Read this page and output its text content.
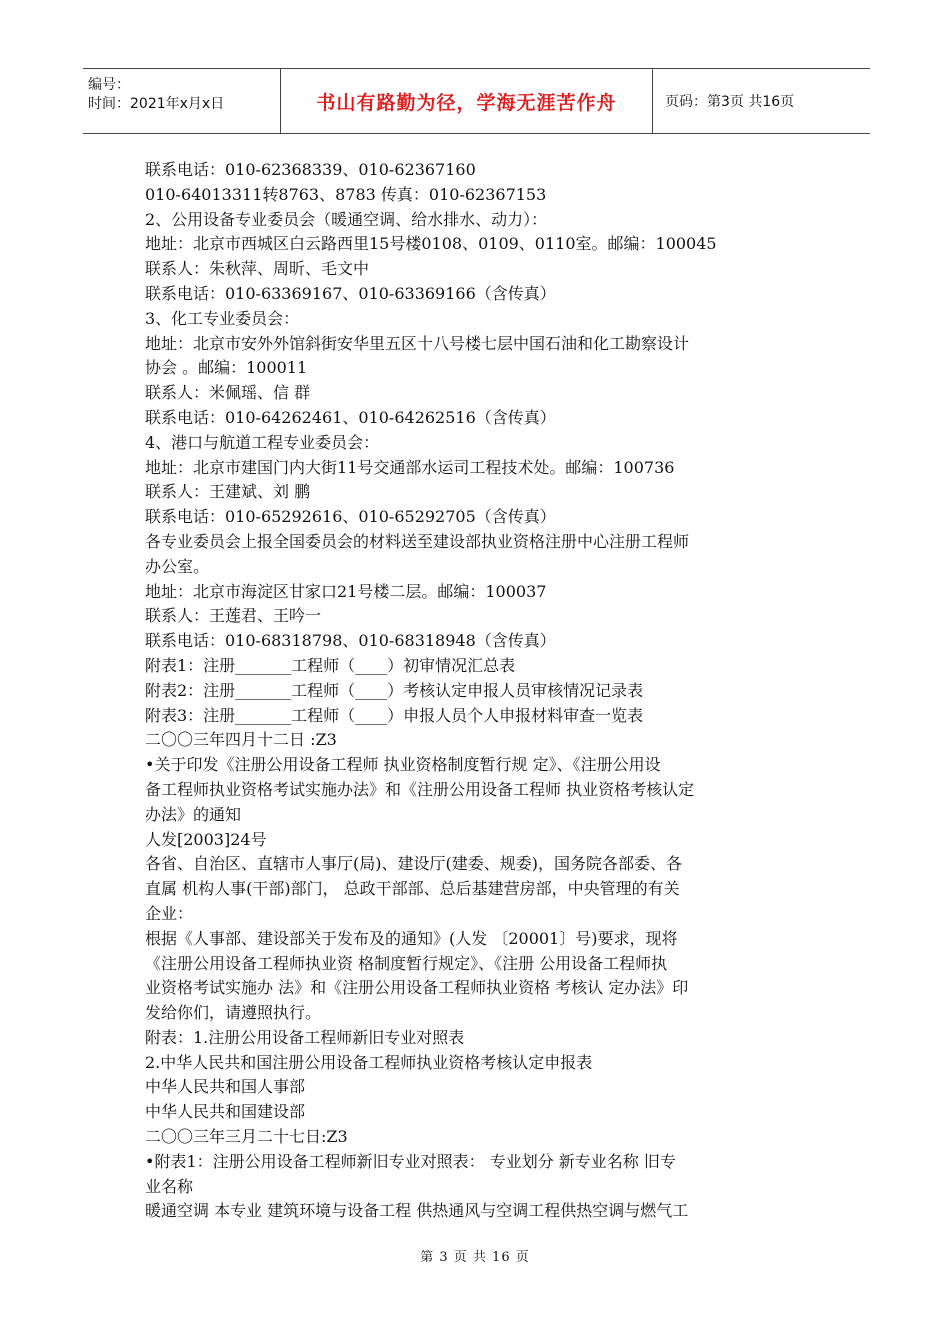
编号：
时间：2021年x月x日	书山有路勤为径，学海无涯苦作舟	页码：第3页 共16页
联系电话：010-62368339、010-62367160
010-64013311转8763、8783 传真：010-62367153
2、公用设备专业委员会（暖通空调、给水排水、动力）：
地址：北京市西城区白云路西里15号楼0108、0109、0110室。邮编：100045
联系人：朱秋萍、周昕、毛文中
联系电话：010-63369167、010-63369166（含传真）
3、化工专业委员会：
地址：北京市安外外馆斜街安华里五区十八号楼七层中国石油和化工勘察设计
协会 。邮编：100011
联系人：米佩瑶、信 群
联系电话：010-64262461、010-64262516（含传真）
4、港口与航道工程专业委员会：
地址：北京市建国门内大街11号交通部水运司工程技术处。邮编：100736
联系人：王建斌、刘 鹏
联系电话：010-65292616、010-65292705（含传真）
各专业委员会上报全国委员会的材料送至建设部执业资格注册中心注册工程师
办公室。
地址：北京市海淀区甘家口21号楼二层。邮编：100037
联系人：王莲君、王吟一
联系电话：010-68318798、010-68318948（含传真）
附表1：注册_______工程师（____）初审情况汇总表
附表2：注册_______工程师（____）考核认定申报人员审核情况记录表
附表3：注册_______工程师（____）申报人员个人申报材料审查一览表
二〇〇三年四月十二日 :Z3
•关于印发《注册公用设备工程师 执业资格制度暂行规 定》、《注册公用设
备工程师执业资格考试实施办法》和《注册公用设备工程师 执业资格考核认定
办法》的通知
人发[2003]24号
各省、自治区、直辖市人事厅(局)、建设厅(建委、规委)，国务院各部委、各
直属 机构人事(干部)部门， 总政干部部、总后基建营房部，中央管理的有关
企业：
根据《人事部、建设部关于发布及的通知》(人发 〔20001〕号)要求，现将
《注册公用设备工程师执业资 格制度暂行规定》、《注册 公用设备工程师执
业资格考试实施办 法》和《注册公用设备工程师执业资格 考核认 定办法》印
发给你们，请遵照执行。
附表：1.注册公用设备工程师新旧专业对照表
2.中华人民共和国注册公用设备工程师执业资格考核认定申报表
中华人民共和国人事部
中华人民共和国建设部
二〇〇三年三月二十七日:Z3
•附表1：注册公用设备工程师新旧专业对照表： 专业划分 新专业名称 旧专
业名称
暖通空调 本专业 建筑环境与设备工程 供热通风与空调工程供热空调与燃气工
第 3 页 共 16 页
